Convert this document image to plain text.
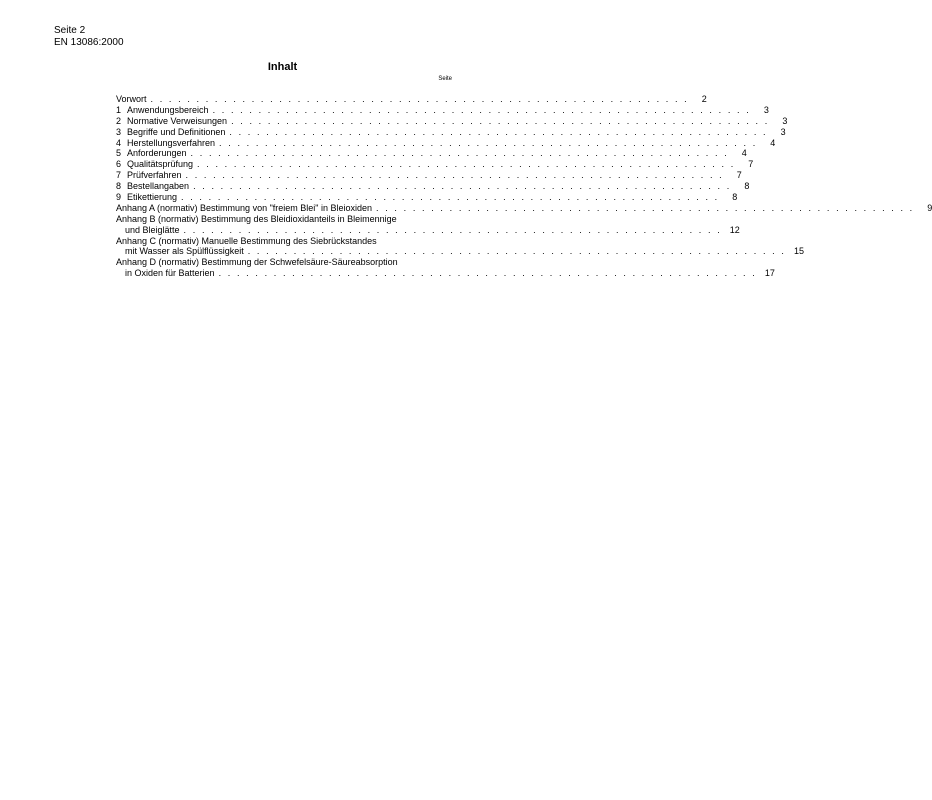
Seite 2
EN 13086:2000
Inhalt
Seite
Vorwort . . . . . . . . . . . . . . . . . . . . . . . . . . . . . . . . . . . . . . . . . . . . . . . . . . . . . . . . . . .	2
1 Anwendungsbereich . . . . . . . . . . . . . . . . . . . . . . . . . . . . . . . . . . . . . . . . . . . . . . . . . . . . . . . . . . .	3
2 Normative Verweisungen . . . . . . . . . . . . . . . . . . . . . . . . . . . . . . . . . . . . . . . . . . . . . . . . . . . . . . . . . . .	3
3 Begriffe und Definitionen . . . . . . . . . . . . . . . . . . . . . . . . . . . . . . . . . . . . . . . . . . . . . . . . . . . . . . . . . . .	3
4 Herstellungsverfahren . . . . . . . . . . . . . . . . . . . . . . . . . . . . . . . . . . . . . . . . . . . . . . . . . . . . . . . . . . .	4
5 Anforderungen . . . . . . . . . . . . . . . . . . . . . . . . . . . . . . . . . . . . . . . . . . . . . . . . . . . . . . . . . . .	4
6 Qualitätsprüfung . . . . . . . . . . . . . . . . . . . . . . . . . . . . . . . . . . . . . . . . . . . . . . . . . . . . . . . . . . .	7
7 Prüfverfahren . . . . . . . . . . . . . . . . . . . . . . . . . . . . . . . . . . . . . . . . . . . . . . . . . . . . . . . . . . .	7
8 Bestellangaben . . . . . . . . . . . . . . . . . . . . . . . . . . . . . . . . . . . . . . . . . . . . . . . . . . . . . . . . . . .	8
9 Etikettierung . . . . . . . . . . . . . . . . . . . . . . . . . . . . . . . . . . . . . . . . . . . . . . . . . . . . . . . . . . .	8
Anhang A (normativ) Bestimmung von "freiem Blei" in Bleioxiden . . . . . . . . . . . . . . . . . . . . . . . . . . . . . . . . . . . . . . . . . . . . . . . . . . . . . . . . . . .	9
Anhang B (normativ) Bestimmung des Bleidioxidanteils in Bleimennige
und Bleiglätte . . . . . . . . . . . . . . . . . . . . . . . . . . . . . . . . . . . . . . . . . . . . . . . . . . . . . . . . . . . 12
Anhang C (normativ) Manuelle Bestimmung des Siebrückstandes
mit Wasser als Spülflüssigkeit . . . . . . . . . . . . . . . . . . . . . . . . . . . . . . . . . . . . . . . . . . . . . . . . . . . . . . . . . . . 15
Anhang D (normativ) Bestimmung der Schwefelsäure-Säureabsorption
in Oxiden für Batterien . . . . . . . . . . . . . . . . . . . . . . . . . . . . . . . . . . . . . . . . . . . . . . . . . . . . . . . . . . . 17
